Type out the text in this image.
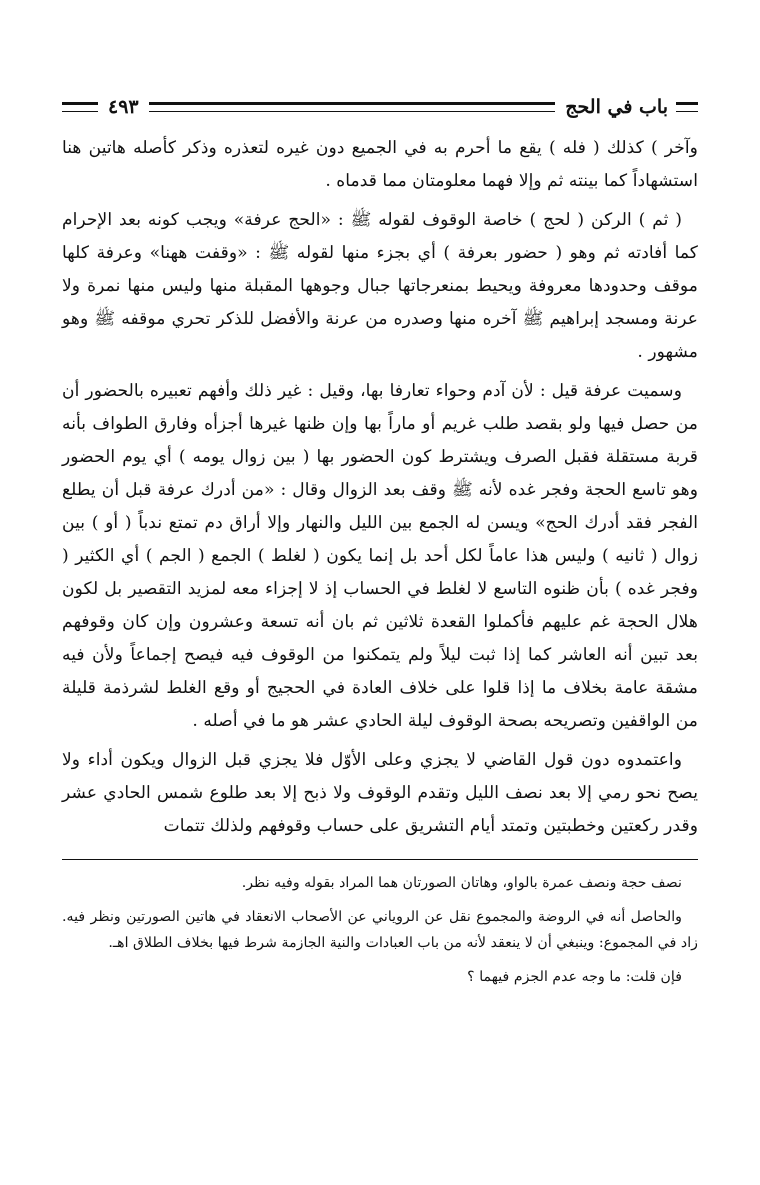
باب في الحج
٤٩٣

وآخر ) كذلك ( فله ) يقع ما أحرم به في الجميع دون غيره لتعذره وذكر كأصله هاتين هنا استشهاداً كما بينته ثم وإلا فهما معلومتان مما قدماه .

( ثم ) الركن ( لحج ) خاصة الوقوف لقوله ﷺ : «الحج عرفة» ويجب كونه بعد الإحرام كما أفادته ثم وهو ( حضور بعرفة ) أي بجزء منها لقوله ﷺ : «وقفت ههنا» وعرفة كلها موقف وحدودها معروفة ويحيط بمنعرجاتها جبال وجوهها المقبلة منها وليس منها نمرة ولا عرنة ومسجد إبراهيم ﷺ آخره منها وصدره من عرنة والأفضل للذكر تحري موقفه ﷺ وهو مشهور .

وسميت عرفة قيل : لأن آدم وحواء تعارفا بها، وقيل : غير ذلك وأفهم تعبيره بالحضور أن من حصل فيها ولو بقصد طلب غريم أو ماراً بها وإن ظنها غيرها أجزأه وفارق الطواف بأنه قربة مستقلة فقبل الصرف ويشترط كون الحضور بها ( بين زوال يومه ) أي يوم الحضور وهو تاسع الحجة وفجر غده لأنه ﷺ وقف بعد الزوال وقال : «من أدرك عرفة قبل أن يطلع الفجر فقد أدرك الحج» ويسن له الجمع بين الليل والنهار وإلا أراق دم تمتع ندباً ( أو ) بين زوال ( ثانيه ) وليس هذا عاماً لكل أحد بل إنما يكون ( لغلط ) الجمع ( الجم ) أي الكثير ( وفجر غده ) بأن ظنوه التاسع لا لغلط في الحساب إذ لا إجزاء معه لمزيد التقصير بل لكون هلال الحجة غم عليهم فأكملوا القعدة ثلاثين ثم بان أنه تسعة وعشرون وإن كان وقوفهم بعد تبين أنه العاشر كما إذا ثبت ليلاً ولم يتمكنوا من الوقوف فيه فيصح إجماعاً ولأن فيه مشقة عامة بخلاف ما إذا قلوا على خلاف العادة في الحجيج أو وقع الغلط لشرذمة قليلة من الواقفين وتصريحه بصحة الوقوف ليلة الحادي عشر هو ما في أصله .

واعتمدوه دون قول القاضي لا يجزي وعلى الأوّل فلا يجزي قبل الزوال ويكون أداء ولا يصح نحو رمي إلا بعد نصف الليل وتقدم الوقوف ولا ذبح إلا بعد طلوع شمس الحادي عشر وقدر ركعتين وخطبتين وتمتد أيام التشريق على حساب وقوفهم ولذلك تتمات

نصف حجة ونصف عمرة بالواو، وهاتان الصورتان هما المراد بقوله وفيه نظر.

والحاصل أنه في الروضة والمجموع نقل عن الروياني عن الأصحاب الانعقاد في هاتين الصورتين ونظر فيه. زاد في المجموع: وينبغي أن لا ينعقد لأنه من باب العبادات والنية الجازمة شرط فيها بخلاف الطلاق اهـ.

فإن قلت: ما وجه عدم الجزم فيهما ؟
